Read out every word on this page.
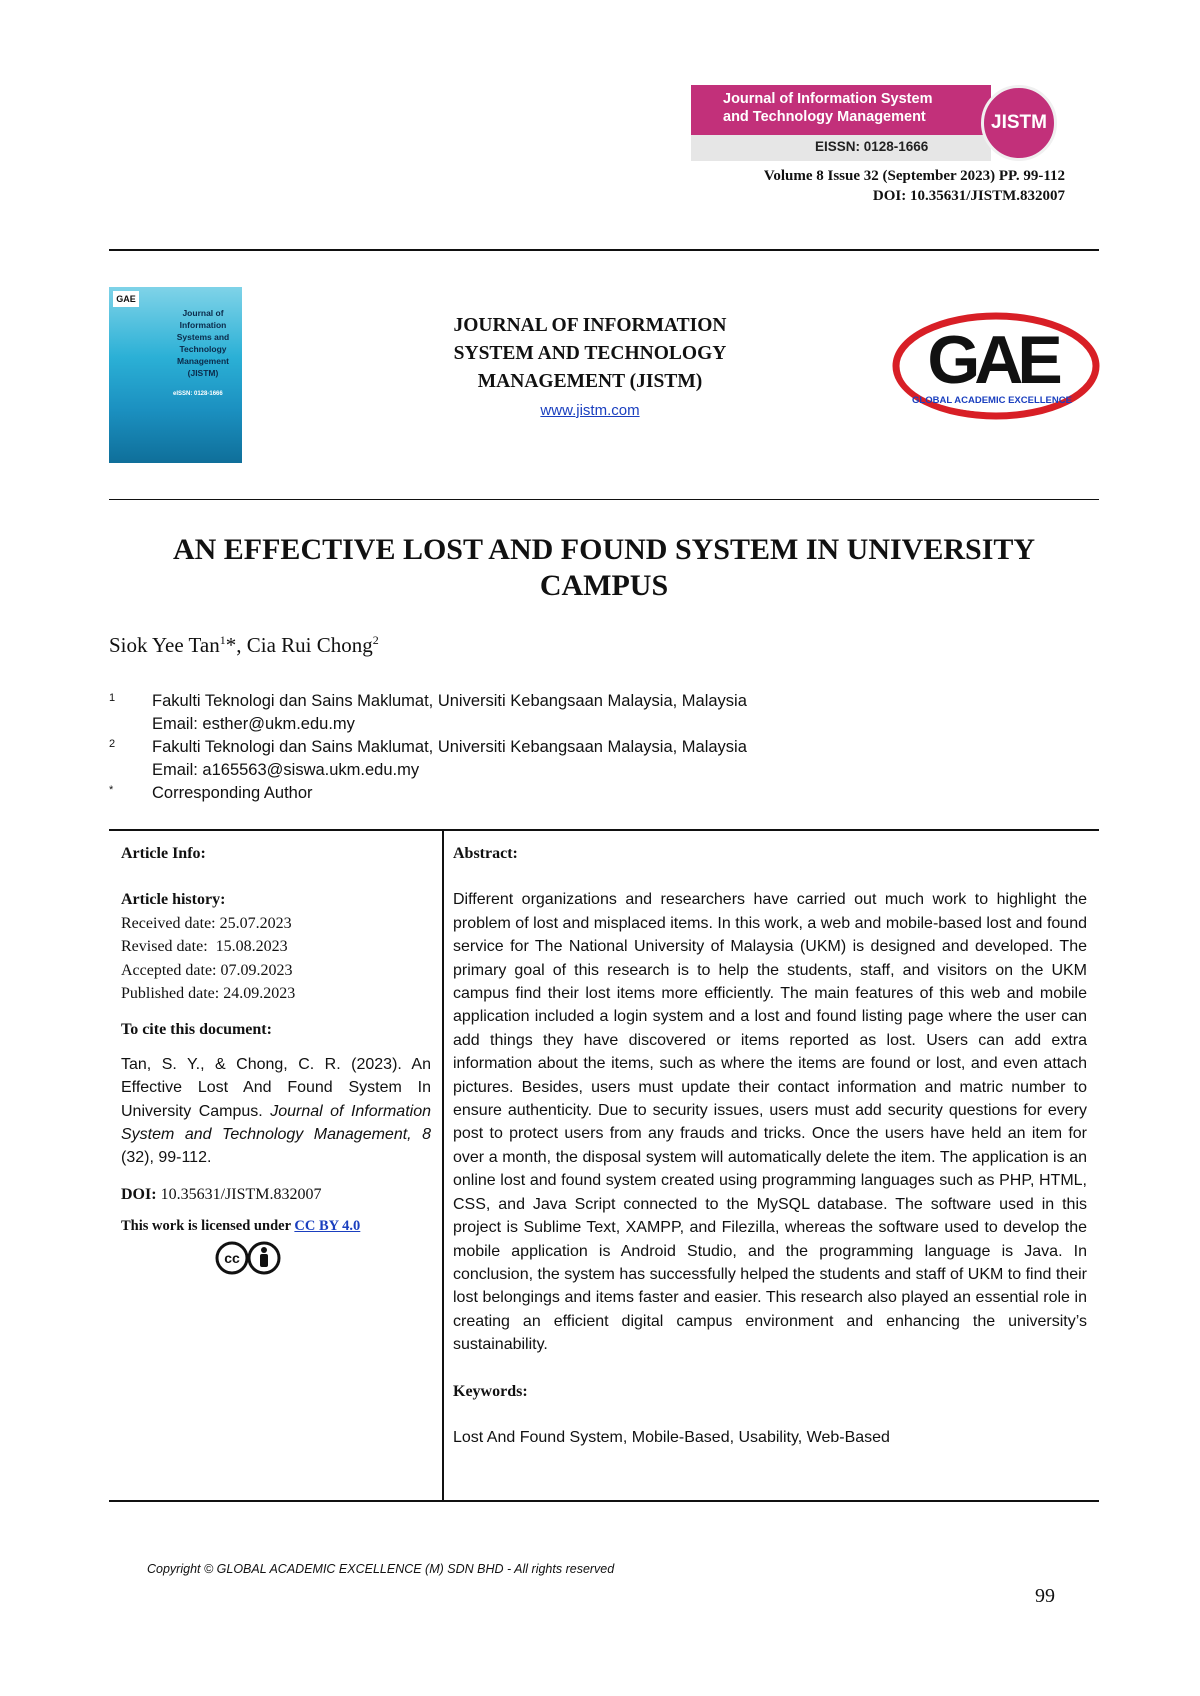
Journal of Information System
and Technology Management
EISSN: 0128-1666
JISTM
Volume 8 Issue 32 (September 2023) PP. 99-112
DOI: 10.35631/JISTM.832007
GAE
Journal of Information Systems and Technology Management (JISTM)
eISSN: 0128-1666
JOURNAL OF INFORMATION
SYSTEM AND TECHNOLOGY
MANAGEMENT (JISTM)
www.jistm.com
GAE
GLOBAL ACADEMIC EXCELLENCE
AN EFFECTIVE LOST AND FOUND SYSTEM IN UNIVERSITY
CAMPUS
Siok Yee Tan$^1$*, Cia Rui Chong$^2$
1	Fakulti Teknologi dan Sains Maklumat, Universiti Kebangsaan Malaysia, Malaysia
Email: esther@ukm.edu.my
2	Fakulti Teknologi dan Sains Maklumat, Universiti Kebangsaan Malaysia, Malaysia
Email: a165563@siswa.ukm.edu.my
*	Corresponding Author
Article Info:
Article history:
Received date: 25.07.2023
Revised date:  15.08.2023
Accepted date: 07.09.2023
Published date: 24.09.2023
To cite this document:
Tan, S. Y., & Chong, C. R. (2023). An Effective Lost And Found System In University Campus. Journal of Information System and Technology Management, 8 (32), 99-112.
DOI: 10.35631/JISTM.832007
This work is licensed under CC BY 4.0
cc
Abstract:
Different organizations and researchers have carried out much work to highlight the problem of lost and misplaced items. In this work, a web and mobile-based lost and found service for The National University of Malaysia (UKM) is designed and developed. The primary goal of this research is to help the students, staff, and visitors on the UKM campus find their lost items more efficiently. The main features of this web and mobile application included a login system and a lost and found listing page where the user can add things they have discovered or items reported as lost. Users can add extra information about the items, such as where the items are found or lost, and even attach pictures. Besides, users must update their contact information and matric number to ensure authenticity. Due to security issues, users must add security questions for every post to protect users from any frauds and tricks. Once the users have held an item for over a month, the disposal system will automatically delete the item. The application is an online lost and found system created using programming languages such as PHP, HTML, CSS, and Java Script connected to the MySQL database. The software used in this project is Sublime Text, XAMPP, and Filezilla, whereas the software used to develop the mobile application is Android Studio, and the programming language is Java. In conclusion, the system has successfully helped the students and staff of UKM to find their lost belongings and items faster and easier. This research also played an essential role in creating an efficient digital campus environment and enhancing the university’s sustainability.
Keywords:
Lost And Found System, Mobile-Based, Usability, Web-Based
Copyright © GLOBAL ACADEMIC EXCELLENCE (M) SDN BHD - All rights reserved
99
